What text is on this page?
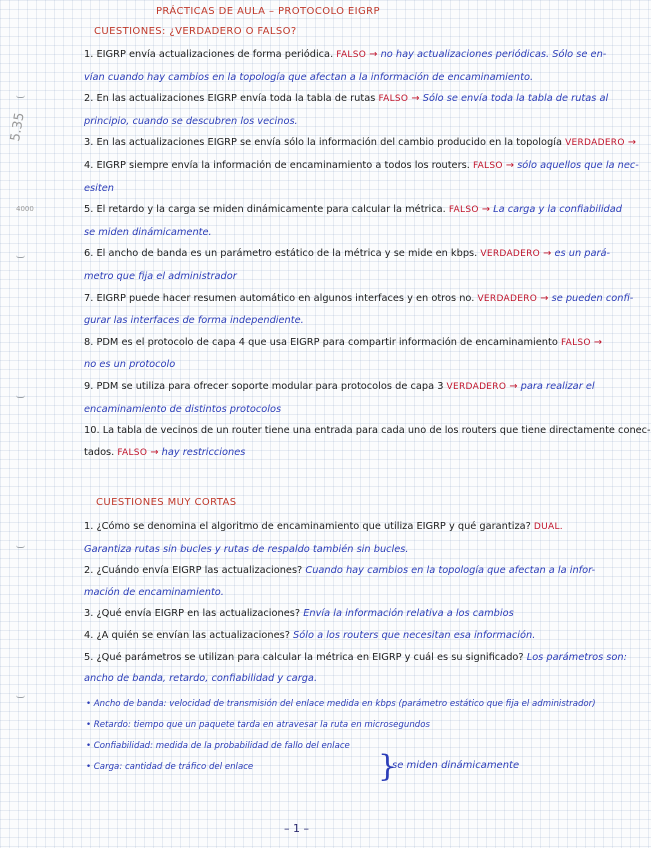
5.35
4000
PRÁCTICAS DE AULA – PROTOCOLO EIGRP
CUESTIONES: ¿VERDADERO O FALSO?
1. EIGRP envía actualizaciones de forma periódica. FALSO → no hay actualizaciones periódicas. Sólo se en-
vían cuando hay cambios en la topología que afectan a la información de encaminamiento.
2. En las actualizaciones EIGRP envía toda la tabla de rutas FALSO → Sólo se envía toda la tabla de rutas al
principio, cuando se descubren los vecinos.
3. En las actualizaciones EIGRP se envía sólo la información del cambio producido en la topología VERDADERO →
4. EIGRP siempre envía la información de encaminamiento a todos los routers. FALSO → sólo aquellos que la nec-
esiten
5. El retardo y la carga se miden dinámicamente para calcular la métrica. FALSO → La carga y la confiabilidad
se miden dinámicamente.
6. El ancho de banda es un parámetro estático de la métrica y se mide en kbps. VERDADERO → es un pará-
metro que fija el administrador
7. EIGRP puede hacer resumen automático en algunos interfaces y en otros no. VERDADERO → se pueden confi-
gurar las interfaces de forma independiente.
8. PDM es el protocolo de capa 4 que usa EIGRP para compartir información de encaminamiento FALSO →
no es un protocolo
9. PDM se utiliza para ofrecer soporte modular para protocolos de capa 3 VERDADERO → para realizar el
encaminamiento de distintos protocolos
10. La tabla de vecinos de un router tiene una entrada para cada uno de los routers que tiene directamente conec-
tados. FALSO → hay restricciones
CUESTIONES MUY CORTAS
1. ¿Cómo se denomina el algoritmo de encaminamiento que utiliza EIGRP y qué garantiza? DUAL.
Garantiza rutas sin bucles y rutas de respaldo también sin bucles.
2. ¿Cuándo envía EIGRP las actualizaciones? Cuando hay cambios en la topología que afectan a la infor-
mación de encaminamiento.
3. ¿Qué envía EIGRP en las actualizaciones? Envía la información relativa a los cambios
4. ¿A quién se envían las actualizaciones? Sólo a los routers que necesitan esa información.
5. ¿Qué parámetros se utilizan para calcular la métrica en EIGRP y cuál es su significado? Los parámetros son:
ancho de banda, retardo, confiabilidad y carga.
• Ancho de banda: velocidad de transmisión del enlace medida en kbps (parámetro estático que fija el administrador)
• Retardo: tiempo que un paquete tarda en atravesar la ruta en microsegundos
• Confiabilidad: medida de la probabilidad de fallo del enlace
• Carga: cantidad de tráfico del enlace	}
se miden dinámicamente
– 1 –
